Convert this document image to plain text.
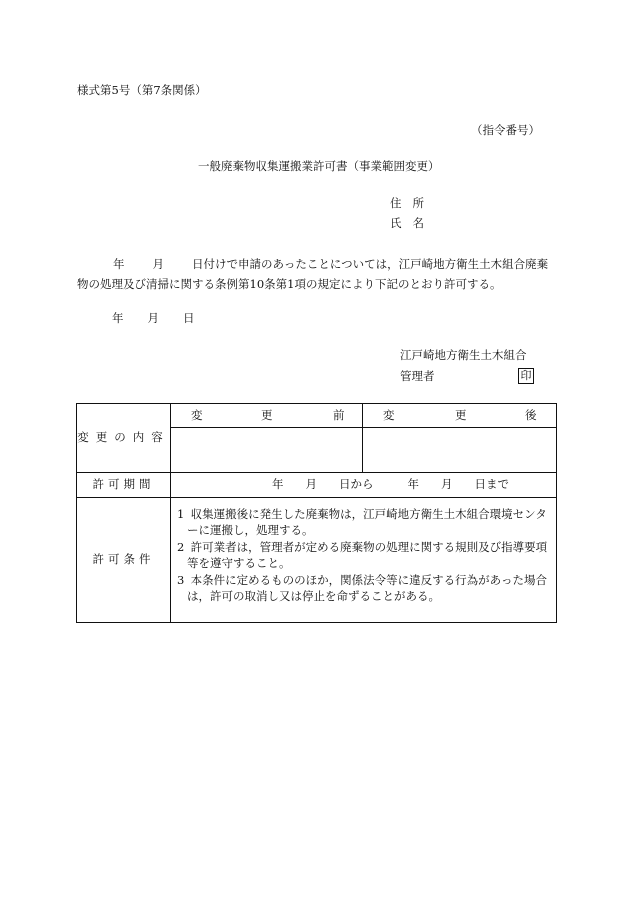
様式第5号（第7条関係）
（指令番号）
一般廃棄物収集運搬業許可書（事業範囲変更）
住所
氏名
年 月 日付けで申請のあったことについては，江戸崎地方衛生土木組合廃棄物の処理及び清掃に関する条例第10条第1項の規定により下記のとおり許可する。
年 月 日
江戸崎地方衛生土木組合
管理者	印
変更の内容	変 更 前	変 更 後

許可期間	年 月 日から 年 月 日まで	
許可条件	1 収集運搬後に発生した廃棄物は，江戸崎地方衛生土木組合環境センターに運搬し，処理する。
2 許可業者は，管理者が定める廃棄物の処理に関する規則及び指導要項等を遵守すること。
3 本条件に定めるもののほか，関係法令等に違反する行為があった場合は，許可の取消し又は停止を命ずることがある。	
